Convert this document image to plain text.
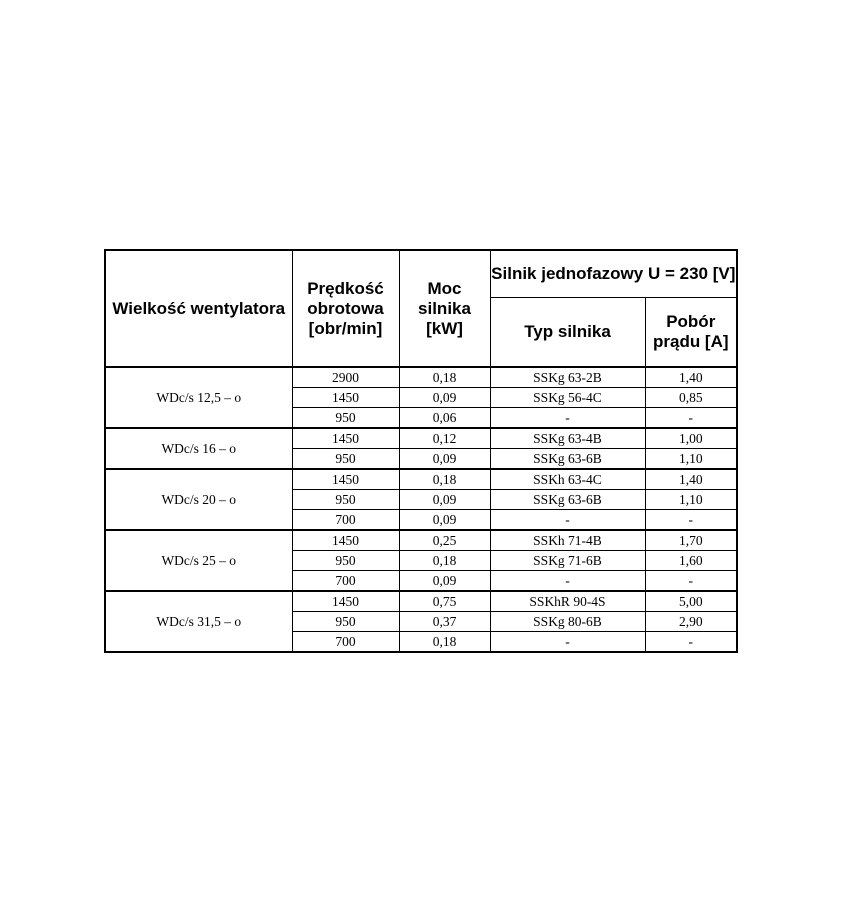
Wielkość wentylatora	Prędkość obrotowa [obr/min]	Moc silnika [kW]	Silnik jednofazowy U = 230 [V]	
			Typ silnika	Pobór prądu [A]
WDc/s 12,5 – o	2900	0,18	SSKg 63-2B	1,40
	1450	0,09	SSKg 56-4C	0,85
	950	0,06	-	-
WDc/s 16 – o	1450	0,12	SSKg 63-4B	1,00
	950	0,09	SSKg 63-6B	1,10
WDc/s 20 – o	1450	0,18	SSKh 63-4C	1,40
	950	0,09	SSKg 63-6B	1,10
	700	0,09	-	-
WDc/s 25 – o	1450	0,25	SSKh 71-4B	1,70
	950	0,18	SSKg 71-6B	1,60
	700	0,09	-	-
WDc/s 31,5 – o	1450	0,75	SSKhR 90-4S	5,00
	950	0,37	SSKg 80-6B	2,90
	700	0,18	-	-
